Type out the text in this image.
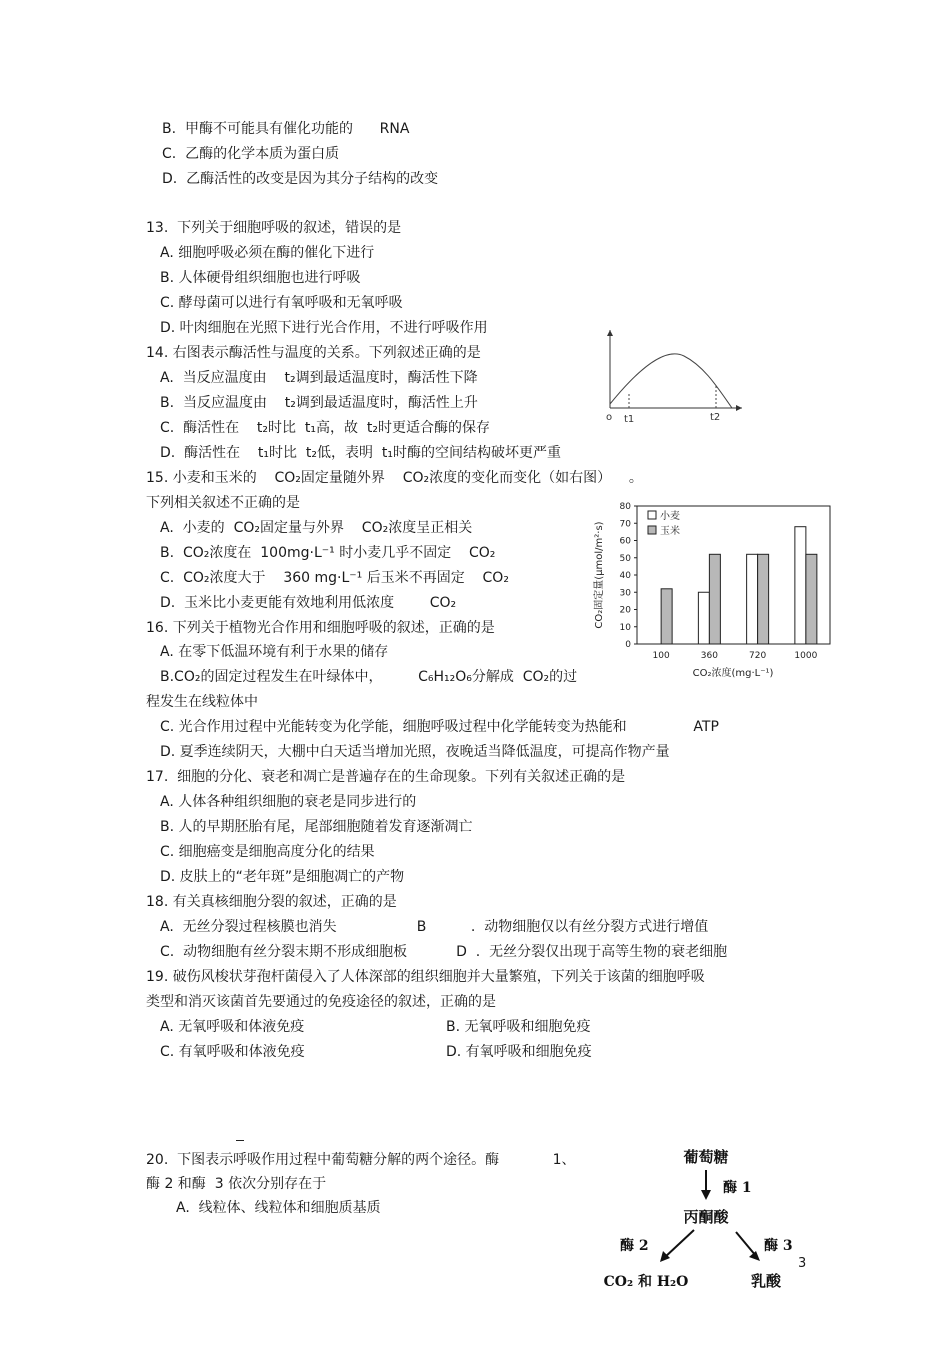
B.  甲酶不可能具有催化功能的      RNA
C.  乙酶的化学本质为蛋白质
D.  乙酶活性的改变是因为其分子结构的改变
13.  下列关于细胞呼吸的叙述，错误的是
A. 细胞呼吸必须在酶的催化下进行
B. 人体硬骨组织细胞也进行呼吸
C. 酵母菌可以进行有氧呼吸和无氧呼吸
D. 叶肉细胞在光照下进行光合作用，不进行呼吸作用
14. 右图表示酶活性与温度的关系。下列叙述正确的是
A.  当反应温度由    t₂调到最适温度时，酶活性下降
B.  当反应温度由    t₂调到最适温度时，酶活性上升
C.  酶活性在    t₂时比  t₁高，故  t₂时更适合酶的保存
D.  酶活性在    t₁时比  t₂低，表明  t₁时酶的空间结构破坏更严重
15. 小麦和玉米的    CO₂固定量随外界    CO₂浓度的变化而变化（如右图）    。
下列相关叙述不正确的是
A.  小麦的  CO₂固定量与外界    CO₂浓度呈正相关
B.  CO₂浓度在  100mg·L⁻¹ 时小麦几乎不固定    CO₂
C.  CO₂浓度大于    360 mg·L⁻¹ 后玉米不再固定    CO₂
D.  玉米比小麦更能有效地利用低浓度        CO₂
16. 下列关于植物光合作用和细胞呼吸的叙述，正确的是
A. 在零下低温环境有利于水果的储存
B.CO₂的固定过程发生在叶绿体中，        C₆H₁₂O₆分解成  CO₂的过
程发生在线粒体中
C. 光合作用过程中光能转变为化学能，细胞呼吸过程中化学能转变为热能和               ATP
D. 夏季连续阴天，大棚中白天适当增加光照，夜晚适当降低温度，可提高作物产量
17.  细胞的分化、衰老和凋亡是普遍存在的生命现象。下列有关叙述正确的是
A. 人体各种组织细胞的衰老是同步进行的
B. 人的早期胚胎有尾，尾部细胞随着发育逐渐凋亡
C. 细胞癌变是细胞高度分化的结果
D. 皮肤上的“老年斑”是细胞凋亡的产物
18. 有关真核细胞分裂的叙述，正确的是
A.  无丝分裂过程核膜也消失                  B          .  动物细胞仅以有丝分裂方式进行增值
C.  动物细胞有丝分裂末期不形成细胞板           D  .  无丝分裂仅出现于高等生物的衰老细胞
19. 破伤风梭状芽孢杆菌侵入了人体深部的组织细胞并大量繁殖，下列关于该菌的细胞呼吸
类型和消灭该菌首先要通过的免疫途径的叙述，正确的是
A. 无氧呼吸和体液免疫	B. 无氧呼吸和细胞免疫
C. 有氧呼吸和体液免疫	D. 有氧呼吸和细胞免疫
20.  下图表示呼吸作用过程中葡萄糖分解的两个途径。酶            1、
酶 2 和酶  3 依次分别存在于
A.  线粒体、线粒体和细胞质基质
3
o t1	t2
0
10
20
30
40
50
60
70
80
100	360	720	1000
CO₂固定量(μmol/m²·s)
CO₂浓度(mg·L⁻¹)
小麦
玉米
葡萄糖
酶 1
丙酮酸
酶 2	酶 3
CO₂ 和 H₂O	乳酸
